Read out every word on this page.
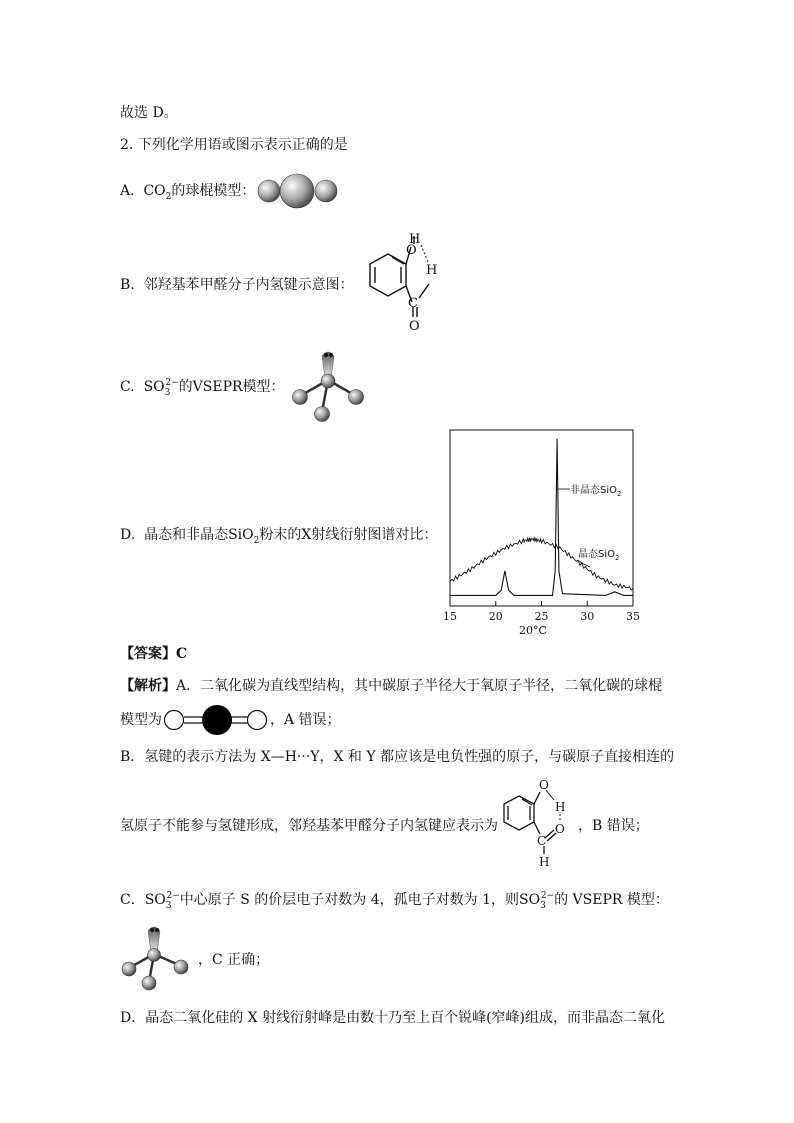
故选 D。
2. 下列化学用语或图示表示正确的是
A. $CO_2$的球棍模型：
B. 邻羟基苯甲醛分子内氢键示意图：
H
O
H
C
O
C. $SO_3^{2-}$的VSEPR模型：
D. 晶态和非晶态SiO$_2$粉末的X射线衍射图谱对比：
15	20	25	30	35
非晶态SiO$_2$
晶态SiO$_2$
20°C
【答案】C
【解析】A．二氧化碳为直线型结构，其中碳原子半径大于氧原子半径，二氧化碳的球棍
模型为	，A 错误；
B．氢键的表示方法为 X—H···Y，X 和 Y 都应该是电负性强的原子，与碳原子直接相连的
氢原子不能参与氢键形成，邻羟基苯甲醛分子内氢键应表示为	，B 错误；
O
H
O
C
H
C．$SO_3^{2-}$中心原子 S 的价层电子对数为 4，孤电子对数为 1，则$SO_3^{2-}$的 VSEPR 模型：
，C 正确；
D．晶态二氧化硅的 X 射线衍射峰是由数十乃至上百个锐峰(窄峰)组成，而非晶态二氧化
